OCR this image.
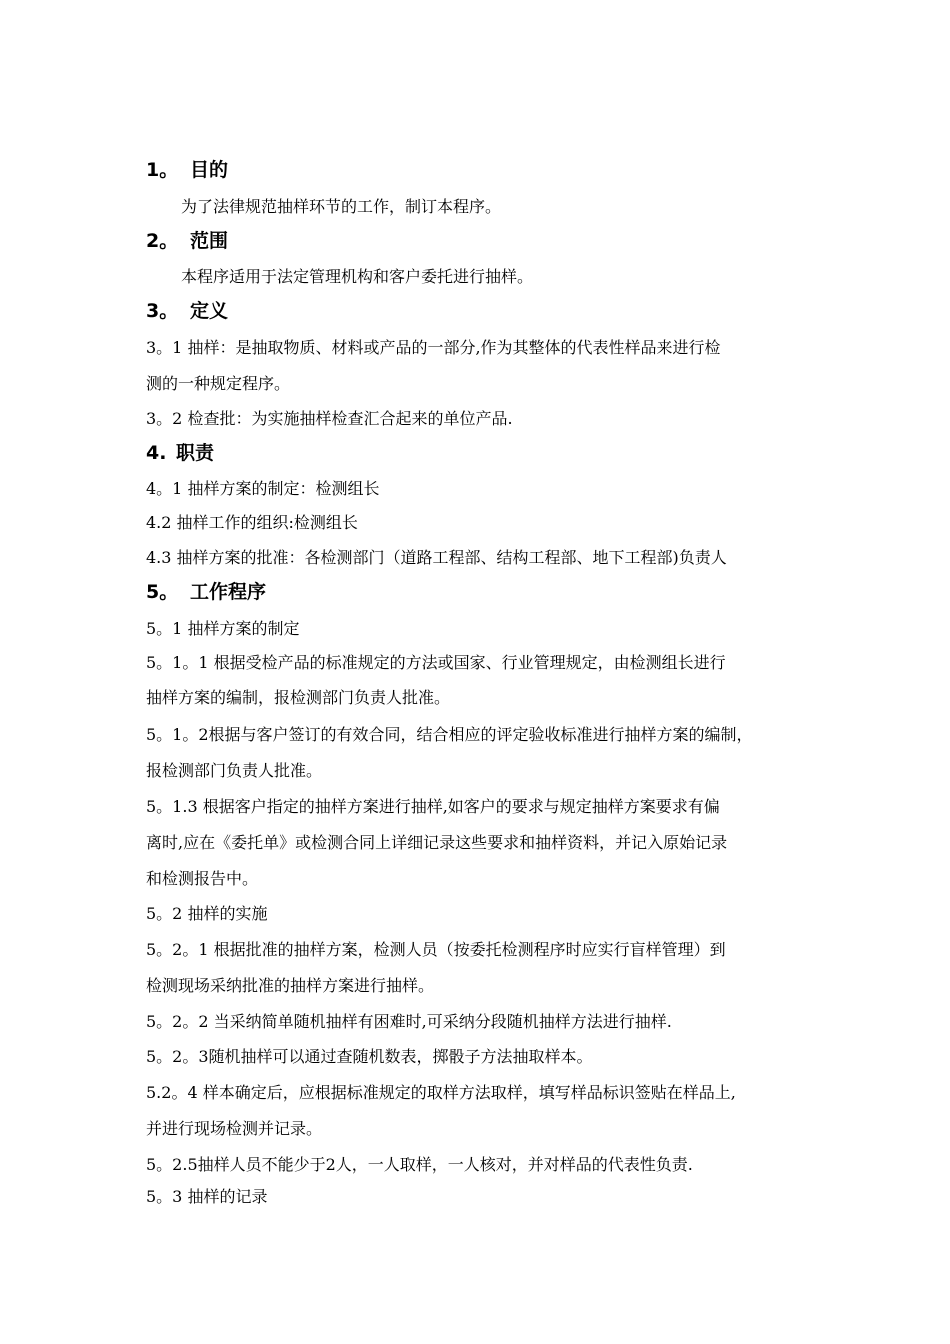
1。 目的
为了法律规范抽样环节的工作，制订本程序。
2。 范围
本程序适用于法定管理机构和客户委托进行抽样。
3。 定义
3。1 抽样：是抽取物质、材料或产品的一部分,作为其整体的代表性样品来进行检
测的一种规定程序。
3。2 检查批：为实施抽样检查汇合起来的单位产品.
4. 职责
4。1 抽样方案的制定：检测组长
4.2 抽样工作的组织:检测组长
4.3 抽样方案的批准：各检测部门（道路工程部、结构工程部、地下工程部)负责人
5。 工作程序
5。1 抽样方案的制定
5。1。1 根据受检产品的标准规定的方法或国家、行业管理规定，由检测组长进行
抽样方案的编制，报检测部门负责人批准。
5。1。2根据与客户签订的有效合同，结合相应的评定验收标准进行抽样方案的编制，
报检测部门负责人批准。
5。1.3 根据客户指定的抽样方案进行抽样,如客户的要求与规定抽样方案要求有偏
离时,应在《委托单》或检测合同上详细记录这些要求和抽样资料，并记入原始记录
和检测报告中。
5。2 抽样的实施
5。2。1 根据批准的抽样方案，检测人员（按委托检测程序时应实行盲样管理）到
检测现场采纳批准的抽样方案进行抽样。
5。2。2 当采纳简单随机抽样有困难时,可采纳分段随机抽样方法进行抽样.
5。2。3随机抽样可以通过查随机数表，掷骰子方法抽取样本。
5.2。4 样本确定后，应根据标准规定的取样方法取样，填写样品标识签贴在样品上,
并进行现场检测并记录。
5。2.5抽样人员不能少于2人，一人取样，一人核对，并对样品的代表性负责.
5。3 抽样的记录
